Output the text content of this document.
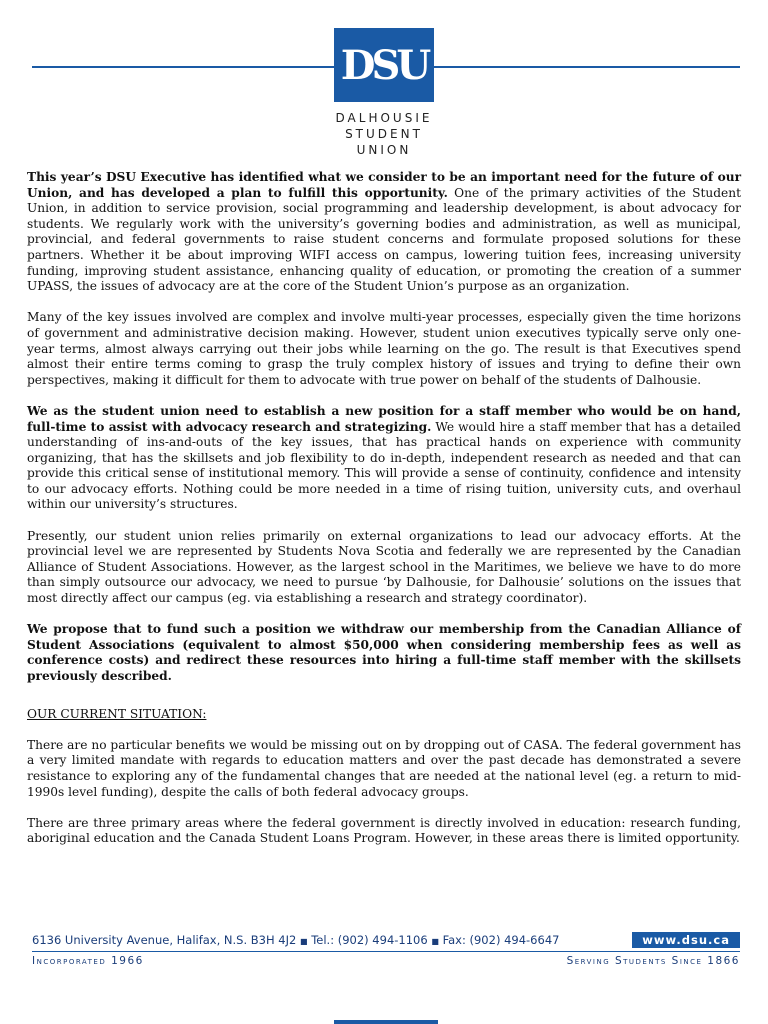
DSU
DALHOUSIE
STUDENT
UNION

This year’s DSU Executive has identified what we consider to be an important need for the future of our Union, and has developed a plan to fulfill this opportunity. One of the primary activities of the Student Union, in addition to service provision, social programming and leadership development, is about advocacy for students. We regularly work with the university’s governing bodies and administration, as well as municipal, provincial, and federal governments to raise student concerns and formulate proposed solutions for these partners. Whether it be about improving WIFI access on campus, lowering tuition fees, increasing university funding, improving student assistance, enhancing quality of education, or promoting the creation of a summer UPASS, the issues of advocacy are at the core of the Student Union’s purpose as an organization.

Many of the key issues involved are complex and involve multi-year processes, especially given the time horizons of government and administrative decision making. However, student union executives typically serve only one-year terms, almost always carrying out their jobs while learning on the go. The result is that Executives spend almost their entire terms coming to grasp the truly complex history of issues and trying to define their own perspectives, making it difficult for them to advocate with true power on behalf of the students of Dalhousie.

We as the student union need to establish a new position for a staff member who would be on hand, full-time to assist with advocacy research and strategizing. We would hire a staff member that has a detailed understanding of ins-and-outs of the key issues, that has practical hands on experience with community organizing, that has the skillsets and job flexibility to do in-depth, independent research as needed and that can provide this critical sense of institutional memory. This will provide a sense of continuity, confidence and intensity to our advocacy efforts. Nothing could be more needed in a time of rising tuition, university cuts, and overhaul within our university’s structures.

Presently, our student union relies primarily on external organizations to lead our advocacy efforts. At the provincial level we are represented by Students Nova Scotia and federally we are represented by the Canadian Alliance of Student Associations. However, as the largest school in the Maritimes, we believe we have to do more than simply outsource our advocacy, we need to pursue ‘by Dalhousie, for Dalhousie’ solutions on the issues that most directly affect our campus (eg. via establishing a research and strategy coordinator).

We propose that to fund such a position we withdraw our membership from the Canadian Alliance of Student Associations (equivalent to almost $50,000 when considering membership fees as well as conference costs) and redirect these resources into hiring a full-time staff member with the skillsets previously described.

OUR CURRENT SITUATION:

There are no particular benefits we would be missing out on by dropping out of CASA. The federal government has a very limited mandate with regards to education matters and over the past decade has demonstrated a severe resistance to exploring any of the fundamental changes that are needed at the national level (eg. a return to mid-1990s level funding), despite the calls of both federal advocacy groups.

There are three primary areas where the federal government is directly involved in education: research funding, aboriginal education and the Canada Student Loans Program. However, in these areas there is limited opportunity.

6136 University Avenue, Halifax, N.S. B3H 4J2 ■ Tel.: (902) 494-1106 ■ Fax: (902) 494-6647	www.dsu.ca
Incorporated 1966	Serving Students Since 1866
